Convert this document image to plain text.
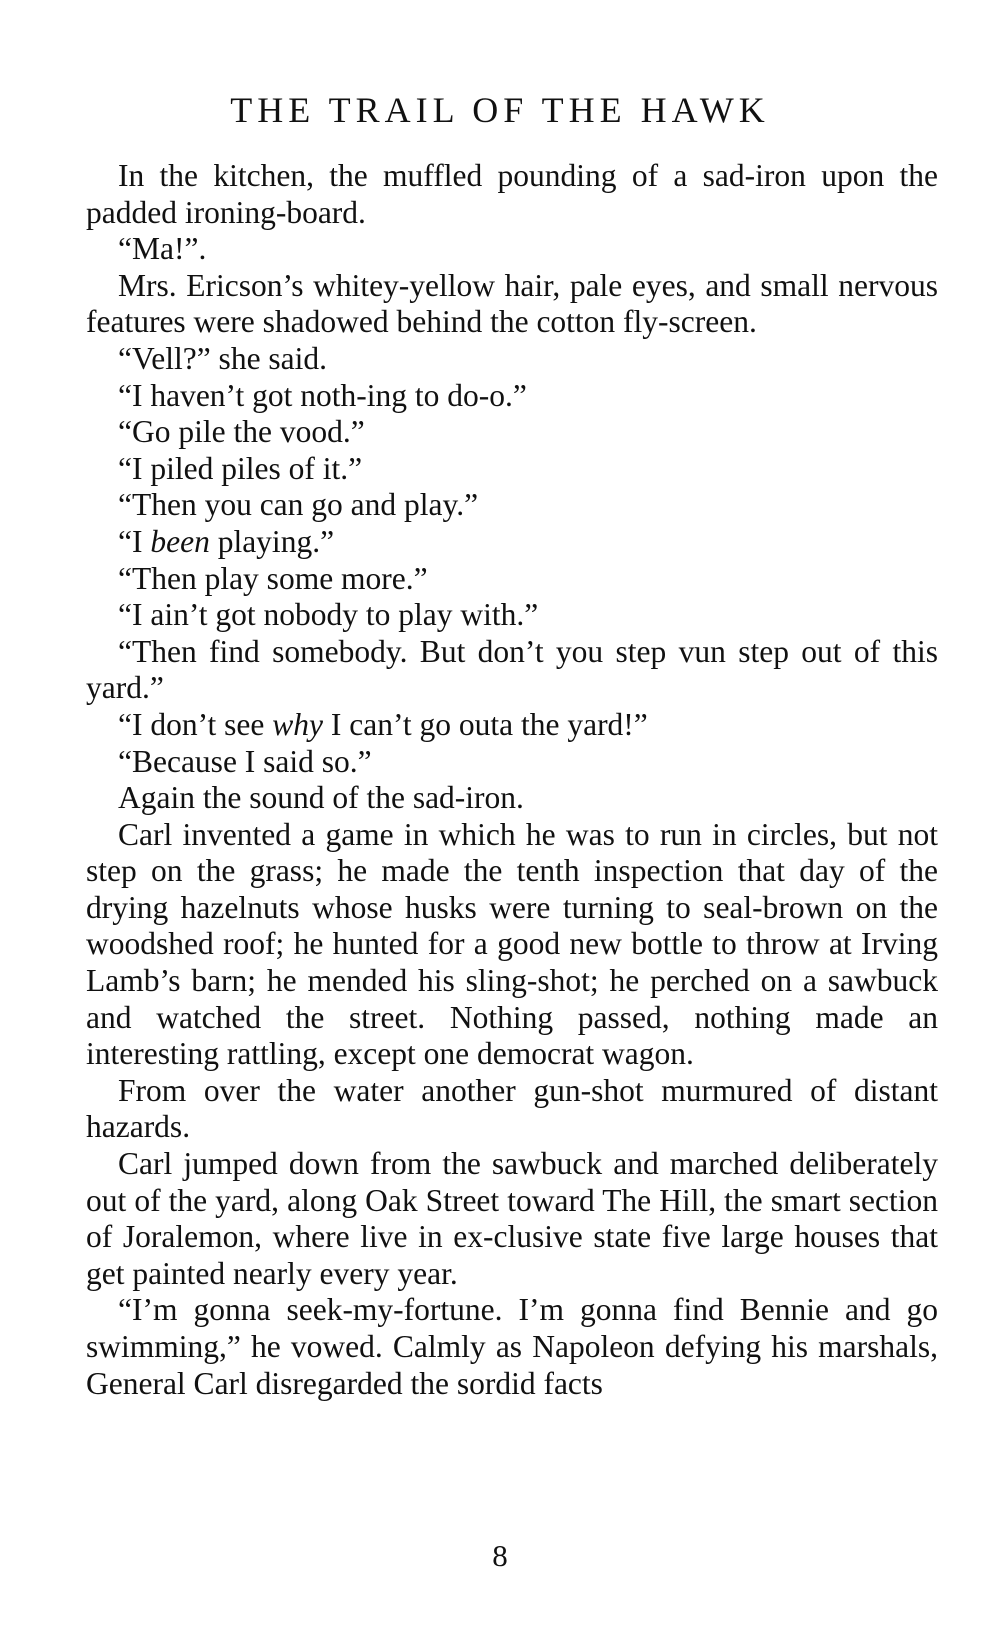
THE TRAIL OF THE HAWK

In the kitchen, the muffled pounding of a sad-iron upon the padded ironing-board.

“Ma!”.

Mrs. Ericson’s whitey-yellow hair, pale eyes, and small nervous features were shadowed behind the cotton fly-screen.

“Vell?” she said.

“I haven’t got noth-ing to do-o.”

“Go pile the vood.”

“I piled piles of it.”

“Then you can go and play.”

“I been playing.”

“Then play some more.”

“I ain’t got nobody to play with.”

“Then find somebody. But don’t you step vun step out of this yard.”

“I don’t see why I can’t go outa the yard!”

“Because I said so.”

Again the sound of the sad-iron.

Carl invented a game in which he was to run in circles, but not step on the grass; he made the tenth inspection that day of the drying hazelnuts whose husks were turning to seal-brown on the woodshed roof; he hunted for a good new bottle to throw at Irving Lamb’s barn; he mended his sling-shot; he perched on a sawbuck and watched the street. Nothing passed, nothing made an interesting rattling, except one democrat wagon.

From over the water another gun-shot murmured of distant hazards.

Carl jumped down from the sawbuck and marched deliberately out of the yard, along Oak Street toward The Hill, the smart section of Joralemon, where live in ex-clusive state five large houses that get painted nearly every year.

“I’m gonna seek-my-fortune. I’m gonna find Bennie and go swimming,” he vowed. Calmly as Napoleon defying his marshals, General Carl disregarded the sordid facts

8
